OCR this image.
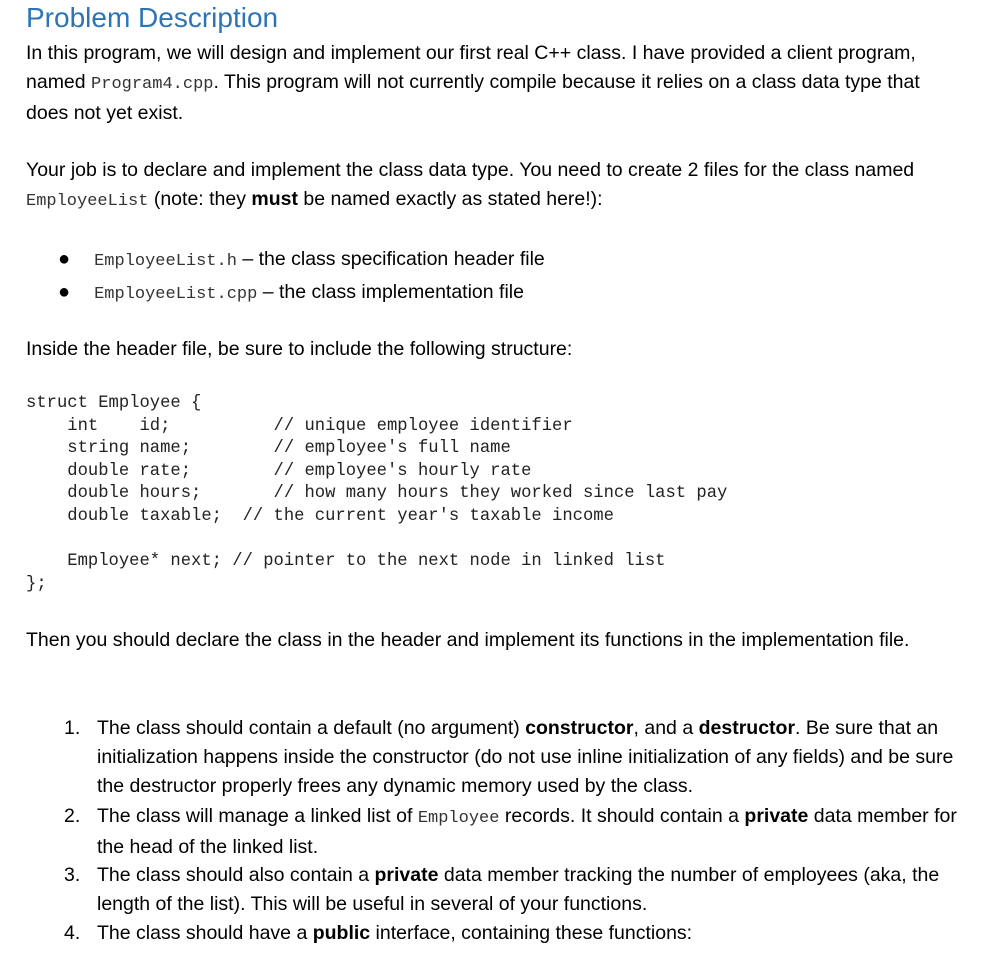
Problem Description
In this program, we will design and implement our first real C++ class. I have provided a client program, named Program4.cpp. This program will not currently compile because it relies on a class data type that does not yet exist.
Your job is to declare and implement the class data type. You need to create 2 files for the class named EmployeeList (note: they must be named exactly as stated here!):
● EmployeeList.h – the class specification header file
● EmployeeList.cpp – the class implementation file
Inside the header file, be sure to include the following structure:
struct Employee {
int    id;          // unique employee identifier
string name;        // employee's full name
double rate;        // employee's hourly rate
double hours;       // how many hours they worked since last pay
double taxable;  // the current year's taxable income

Employee* next; // pointer to the next node in linked list
};
Then you should declare the class in the header and implement its functions in the implementation file.
1. The class should contain a default (no argument) constructor, and a destructor. Be sure that an initialization happens inside the constructor (do not use inline initialization of any fields) and be sure the destructor properly frees any dynamic memory used by the class.
2. The class will manage a linked list of Employee records. It should contain a private data member for the head of the linked list.
3. The class should also contain a private data member tracking the number of employees (aka, the length of the list). This will be useful in several of your functions.
4. The class should have a public interface, containing these functions:
